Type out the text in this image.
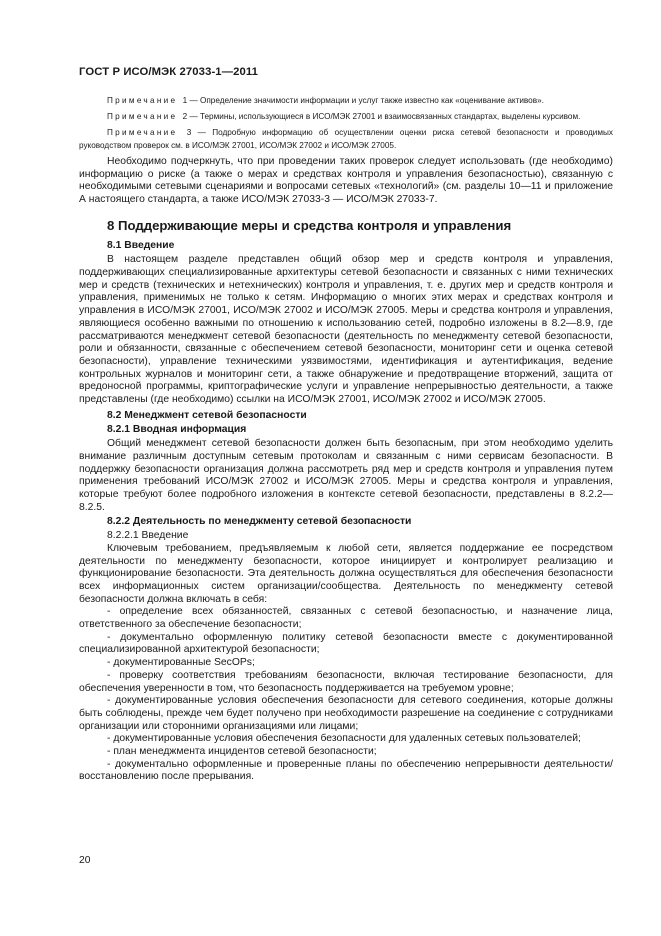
ГОСТ Р ИСО/МЭК 27033-1—2011

Примечание 1 — Определение значимости информации и услуг также известно как «оценивание активов».

Примечание 2 — Термины, использующиеся в ИСО/МЭК 27001 и взаимосвязанных стандартах, выделены курсивом.

Примечание 3 — Подробную информацию об осуществлении оценки риска сетевой безопасности и проводимых руководством проверок см. в ИСО/МЭК 27001, ИСО/МЭК 27002 и ИСО/МЭК 27005.

Необходимо подчеркнуть, что при проведении таких проверок следует использовать (где необходимо) информацию о риске (а также о мерах и средствах контроля и управления безопасностью), связанную с необходимыми сетевыми сценариями и вопросами сетевых «технологий» (см. разделы 10—11 и приложение А настоящего стандарта, а также ИСО/МЭК 27033-3 — ИСО/МЭК 27033-7.

8 Поддерживающие меры и средства контроля и управления

8.1 Введение

В настоящем разделе представлен общий обзор мер и средств контроля и управления, поддерживающих специализированные архитектуры сетевой безопасности и связанных с ними технических мер и средств (технических и нетехнических) контроля и управления, т. е. других мер и средств контроля и управления, применимых не только к сетям. Информацию о многих этих мерах и средствах контроля и управления в ИСО/МЭК 27001, ИСО/МЭК 27002 и ИСО/МЭК 27005. Меры и средства контроля и управления, являющиеся особенно важными по отношению к использованию сетей, подробно изложены в 8.2—8.9, где рассматриваются менеджмент сетевой безопасности (деятельность по менеджменту сетевой безопасности, роли и обязанности, связанные с обеспечением сетевой безопасности, мониторинг сети и оценка сетевой безопасности), управление техническими уязвимостями, идентификация и аутентификация, ведение контрольных журналов и мониторинг сети, а также обнаружение и предотвращение вторжений, защита от вредоносной программы, криптографические услуги и управление непрерывностью деятельности, а также представлены (где необходимо) ссылки на ИСО/МЭК 27001, ИСО/МЭК 27002 и ИСО/МЭК 27005.

8.2 Менеджмент сетевой безопасности

8.2.1 Вводная информация

Общий менеджмент сетевой безопасности должен быть безопасным, при этом необходимо уделить внимание различным доступным сетевым протоколам и связанным с ними сервисам безопасности. В поддержку безопасности организация должна рассмотреть ряд мер и средств контроля и управления путем применения требований ИСО/МЭК 27002 и ИСО/МЭК 27005. Меры и средства контроля и управления, которые требуют более подробного изложения в контексте сетевой безопасности, представлены в 8.2.2—8.2.5.

8.2.2 Деятельность по менеджменту сетевой безопасности

8.2.2.1 Введение

Ключевым требованием, предъявляемым к любой сети, является поддержание ее посредством деятельности по менеджменту безопасности, которое инициирует и контролирует реализацию и функционирование безопасности. Эта деятельность должна осуществляться для обеспечения безопасности всех информационных систем организации/сообщества. Деятельность по менеджменту сетевой безопасности должна включать в себя:

- определение всех обязанностей, связанных с сетевой безопасностью, и назначение лица, ответственного за обеспечение безопасности;

- документально оформленную политику сетевой безопасности вместе с документированной специализированной архитектурой безопасности;

- документированные SecOPs;

- проверку соответствия требованиям безопасности, включая тестирование безопасности, для обеспечения уверенности в том, что безопасность поддерживается на требуемом уровне;

- документированные условия обеспечения безопасности для сетевого соединения, которые должны быть соблюдены, прежде чем будет получено при необходимости разрешение на соединение с сотрудниками организации или сторонними организациями или лицами;

- документированные условия обеспечения безопасности для удаленных сетевых пользователей;

- план менеджмента инцидентов сетевой безопасности;

- документально оформленные и проверенные планы по обеспечению непрерывности деятельности/восстановлению после прерывания.

20
